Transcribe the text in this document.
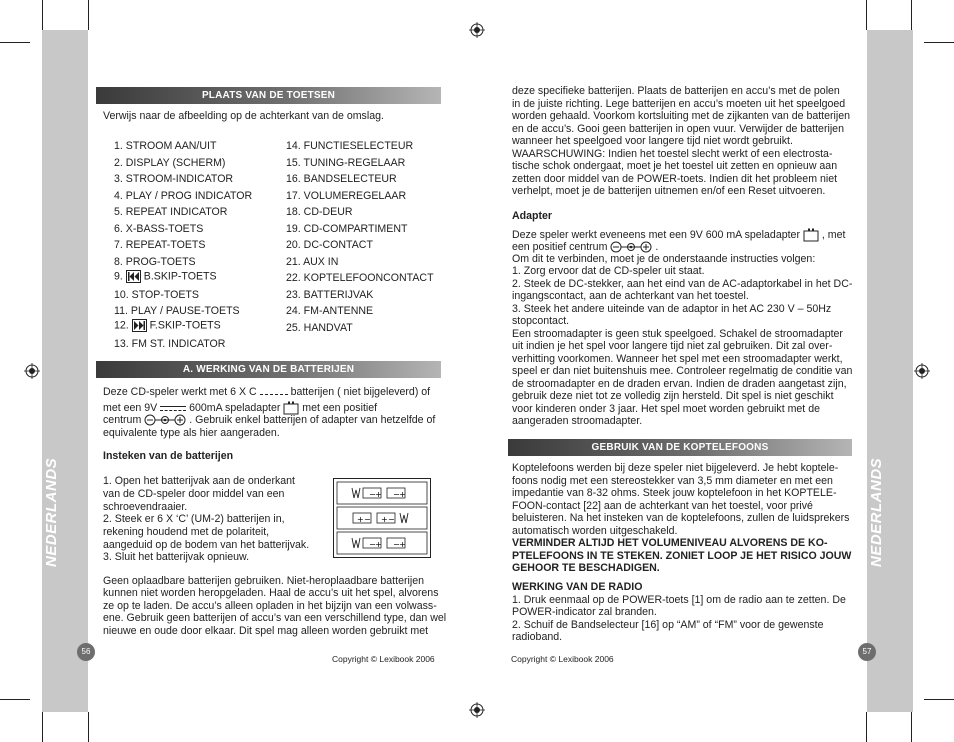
NEDERLANDS	NEDERLANDS
56	57
PLAATS VAN DE TOETSEN
Verwijs naar de afbeelding op de achterkant van de omslag.
1. STROOM AAN/UIT
2. DISPLAY (SCHERM)
3. STROOM-INDICATOR
4. PLAY / PROG INDICATOR
5. REPEAT INDICATOR
6. X-BASS-TOETS
7. REPEAT-TOETS
8. PROG-TOETS
9. B.SKIP-TOETS
10. STOP-TOETS
11. PLAY / PAUSE-TOETS
12. F.SKIP-TOETS
13. FM ST. INDICATOR
14. FUNCTIESELECTEUR
15. TUNING-REGELAAR
16. BANDSELECTEUR
17. VOLUMEREGELAAR
18. CD-DEUR
19. CD-COMPARTIMENT
20. DC-CONTACT
21. AUX IN
22. KOPTELEFOONCONTACT
23. BATTERIJVAK
24. FM-ANTENNE
25. HANDVAT
A. WERKING VAN DE BATTERIJEN
Deze CD-speler werkt met 6 X C	batterijen ( niet bijgeleverd) of
met een 9V	600mA speladapter met een positief
centrum	. Gebruik enkel batterijen of adapter van hetzelfde of
equivalente type als hier aangeraden.
Insteken van de batterijen
1. Open het batterijvak aan de onderkant
van de CD-speler door middel van een
schroevendraaier.
2. Steek er 6 X ‘C’ (UM-2) batterijen in,
rekening houdend met de polariteit,
aangeduid op de bodem van het batterijvak.
3. Sluit het batterijvak opnieuw.
− + − +
+ − + −
− + − +
Geen oplaadbare batterijen gebruiken. Niet-heroplaadbare batterijen
kunnen niet worden heropgeladen. Haal de accu’s uit het spel, alvorens
ze op te laden. De accu’s alleen opladen in het bijzijn van een volwass-
ene. Gebruik geen batterijen of accu’s van een verschillend type, dan wel
nieuwe en oude door elkaar. Dit spel mag alleen worden gebruikt met
Copyright © Lexibook 2006
deze specifieke batterijen. Plaats de batterijen en accu’s met de polen
in de juiste richting. Lege batterijen en accu’s moeten uit het speelgoed
worden gehaald. Voorkom kortsluiting met de zijkanten van de batterijen
en de accu’s. Gooi geen batterijen in open vuur. Verwijder de batterijen
wanneer het speelgoed voor langere tijd niet wordt gebruikt.
WAARSCHUWING: Indien het toestel slecht werkt of een electrosta-
tische schok ondergaat, moet je het toestel uit zetten en opnieuw aan
zetten door middel van de POWER-toets. Indien dit het probleem niet
verhelpt, moet je de batterijen uitnemen en/of een Reset uitvoeren.
Adapter
Deze speler werkt eveneens met een 9V 600 mA speladapter , met
een positief centrum	.
Om dit te verbinden, moet je de onderstaande instructies volgen:
1. Zorg ervoor dat de CD-speler uit staat.
2. Steek de DC-stekker, aan het eind van de AC-adaptorkabel in het DC-
ingangscontact, aan de achterkant van het toestel.
3. Steek het andere uiteinde van de adaptor in het AC 230 V – 50Hz
stopcontact.
Een stroomadapter is geen stuk speelgoed. Schakel de stroomadapter
uit indien je het spel voor langere tijd niet zal gebruiken. Dit zal over-
verhitting voorkomen. Wanneer het spel met een stroomadapter werkt,
speel er dan niet buitenshuis mee. Controleer regelmatig de conditie van
de stroomadapter en de draden ervan. Indien de draden aangetast zijn,
gebruik deze niet tot ze volledig zijn hersteld. Dit spel is niet geschikt
voor kinderen onder 3 jaar. Het spel moet worden gebruikt met de
aangeraden stroomadapter.
GEBRUIK VAN DE KOPTELEFOONS
Koptelefoons werden bij deze speler niet bijgeleverd. Je hebt koptele-
foons nodig met een stereostekker van 3,5 mm diameter en met een
impedantie van 8-32 ohms. Steek jouw koptelefoon in het KOPTELE-
FOON-contact [22] aan de achterkant van het toestel, voor privé
beluisteren. Na het insteken van de koptelefoons, zullen de luidsprekers
automatisch worden uitgeschakeld.
VERMINDER ALTIJD HET VOLUMENIVEAU ALVORENS DE KO-
PTELEFOONS IN TE STEKEN. ZONIET LOOP JE HET RISICO JOUW
GEHOOR TE BESCHADIGEN.
WERKING VAN DE RADIO
1. Druk eenmaal op de POWER-toets [1] om de radio aan te zetten. De
POWER-indicator zal branden.
2. Schuif de Bandselecteur [16] op “AM” of “FM” voor de gewenste
radioband.
Copyright © Lexibook 2006
